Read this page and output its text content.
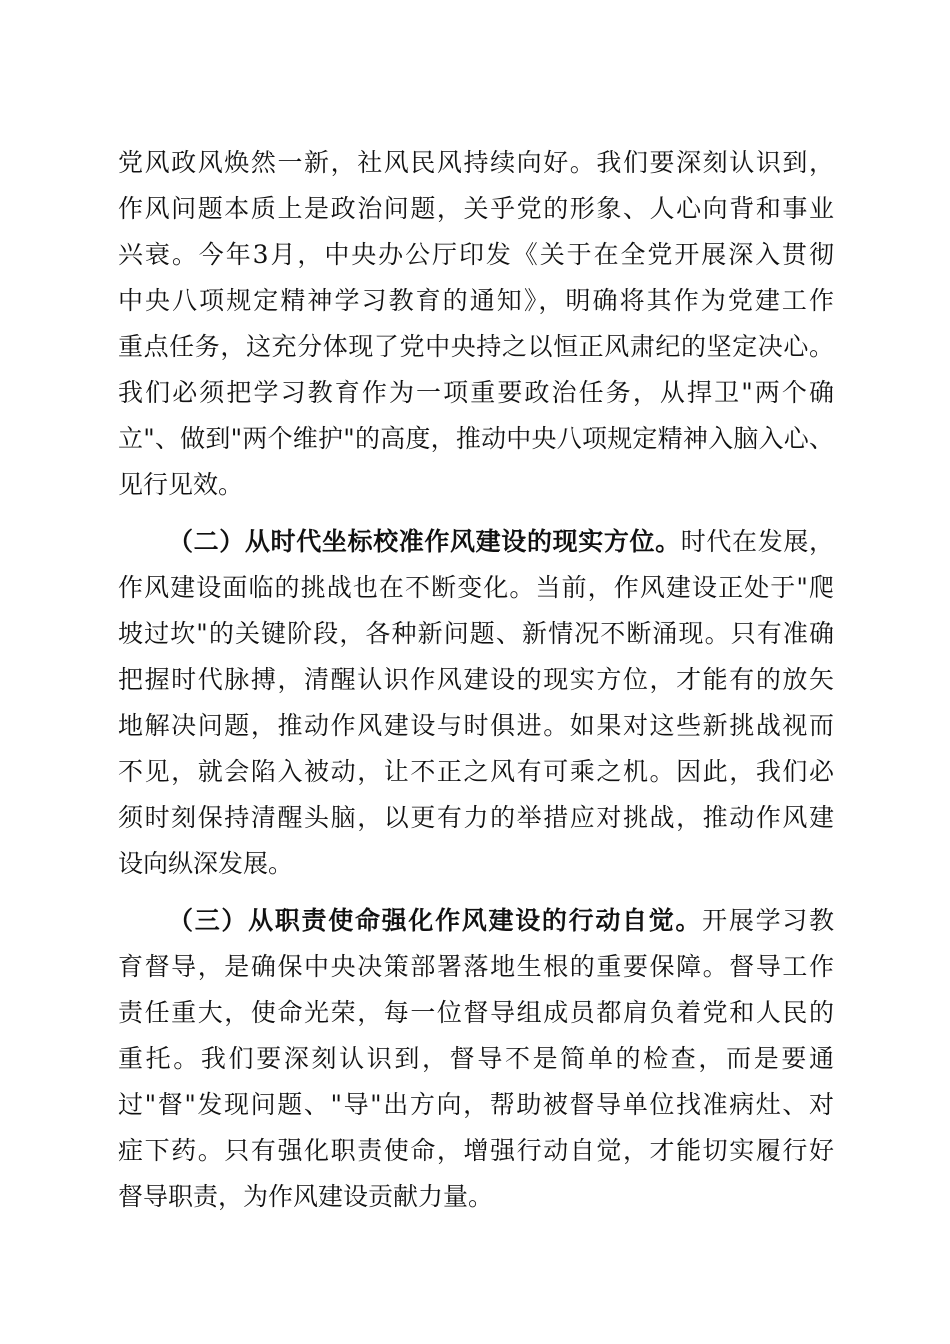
党风政风焕然一新，社风民风持续向好。我们要深刻认识到，
作风问题本质上是政治问题，关乎党的形象、人心向背和事业
兴衰。今年3月，中央办公厅印发《关于在全党开展深入贯彻
中央八项规定精神学习教育的通知》，明确将其作为党建工作
重点任务，这充分体现了党中央持之以恒正风肃纪的坚定决心。
我们必须把学习教育作为一项重要政治任务，从捍卫"两个确
立"、做到"两个维护"的高度，推动中央八项规定精神入脑入心、
见行见效。
（二）从时代坐标校准作风建设的现实方位。时代在发展，
作风建设面临的挑战也在不断变化。当前，作风建设正处于"爬
坡过坎"的关键阶段，各种新问题、新情况不断涌现。只有准确
把握时代脉搏，清醒认识作风建设的现实方位，才能有的放矢
地解决问题，推动作风建设与时俱进。如果对这些新挑战视而
不见，就会陷入被动，让不正之风有可乘之机。因此，我们必
须时刻保持清醒头脑，以更有力的举措应对挑战，推动作风建
设向纵深发展。
（三）从职责使命强化作风建设的行动自觉。开展学习教
育督导，是确保中央决策部署落地生根的重要保障。督导工作
责任重大，使命光荣，每一位督导组成员都肩负着党和人民的
重托。我们要深刻认识到，督导不是简单的检查，而是要通
过"督"发现问题、"导"出方向，帮助被督导单位找准病灶、对
症下药。只有强化职责使命，增强行动自觉，才能切实履行好
督导职责，为作风建设贡献力量。
